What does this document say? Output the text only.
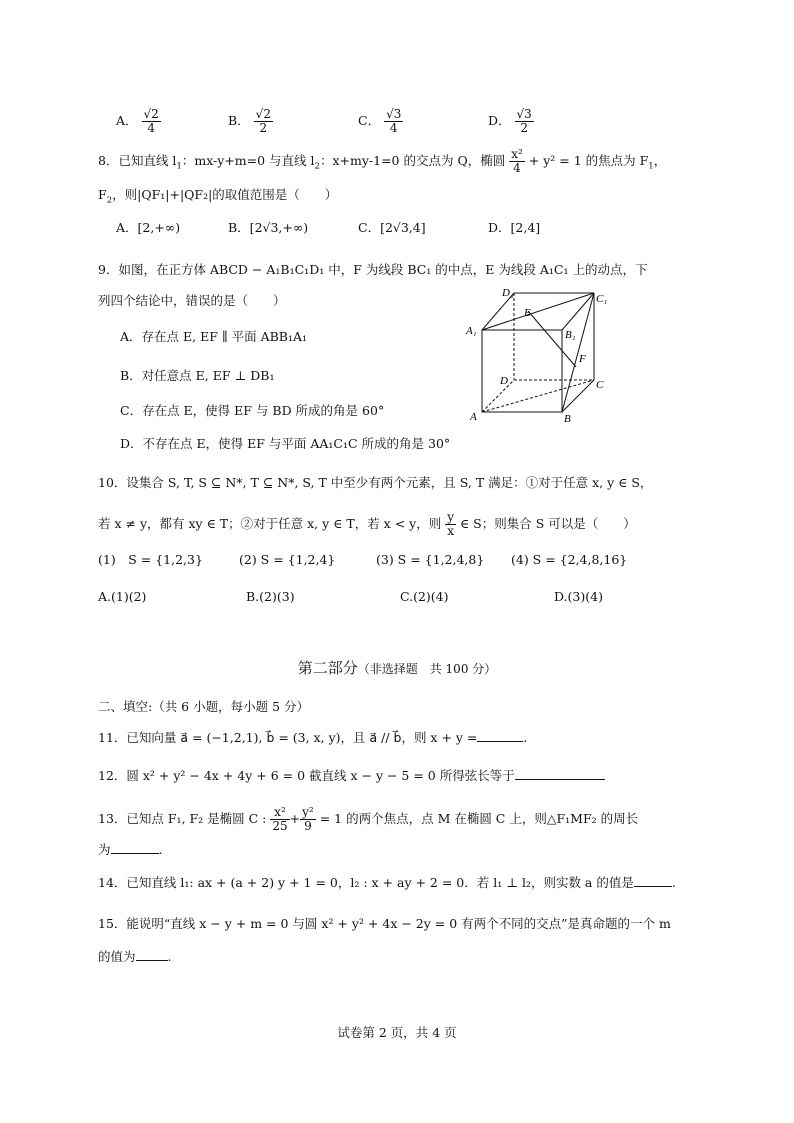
A． $\frac{√2}{4}$	B． $\frac{√2}{2}$	C． $\frac{√3}{4}$	D． $\frac{√3}{2}$
8．已知直线 $l_1$：mx-y+m=0 与直线 $l_2$：x+my-1=0 的交点为 Q，椭圆 $\frac{\text{x²}}{4} + y^2 = 1$ 的焦点为 $F_1$，
$F_2$，则|QF₁|+|QF₂|的取值范围是（　　）
A．[2,+∞)	B．[2√3,+∞)	C．[2√3,4]	D．[2,4]
9．如图，在正方体 ABCD − A₁B₁C₁D₁ 中，F 为线段 BC₁ 的中点，E 为线段 A₁C₁ 上的动点，下
列四个结论中，错误的是（　　）
A．存在点 E, EF ∥ 平面 ABB₁A₁
B．对任意点 E, EF ⊥ DB₁
C．存在点 E，使得 EF 与 BD 所成的角是 60°
D．不存在点 E，使得 EF 与平面 AA₁C₁C 所成的角是 30°
D₁	C₁
A₁	B₁
E
F
D	C
A	B
10．设集合 S, T, S ⊆ N*, T ⊆ N*, S, T 中至少有两个元素，且 S, T 满足：①对于任意 x, y ∈ S，
若 x ≠ y，都有 xy ∈ T；②对于任意 x, y ∈ T，若 x < y，则 $\frac{y}{x}$ ∈ S；则集合 S 可以是（　　）
(1)　S = {1,2,3}	(2) S = {1,2,4}	(3) S = {1,2,4,8} (4) S = {2,4,8,16}
A.(1)(2)	B.(2)(3)	C.(2)(4)	D.(3)(4)
第二部分（非选择题　共 100 分）
二、填空:（共 6 小题，每小题 5 分）
11．已知向量 a⃗ = (−1,2,1), b⃗ = (3, x, y)，且 a⃗ // b⃗，则 x + y =	.
12．圆 x² + y² − 4x + 4y + 6 = 0 截直线 x − y − 5 = 0 所得弦长等于
13．已知点 F₁, F₂ 是椭圆 C : $\frac{\text{x²}}{25} + \frac{\text{y²}}{9} = 1$ 的两个焦点，点 M 在椭圆 C 上，则△F₁MF₂ 的周长
为	.
14．已知直线 l₁: ax + (a + 2) y + 1 = 0，l₂ : x + ay + 2 = 0．若 l₁ ⊥ l₂，则实数 a 的值是	.
15．能说明“直线 x − y + m = 0 与圆 x² + y² + 4x − 2y = 0 有两个不同的交点”是真命题的一个 m
的值为	.
试卷第 2 页，共 4 页
